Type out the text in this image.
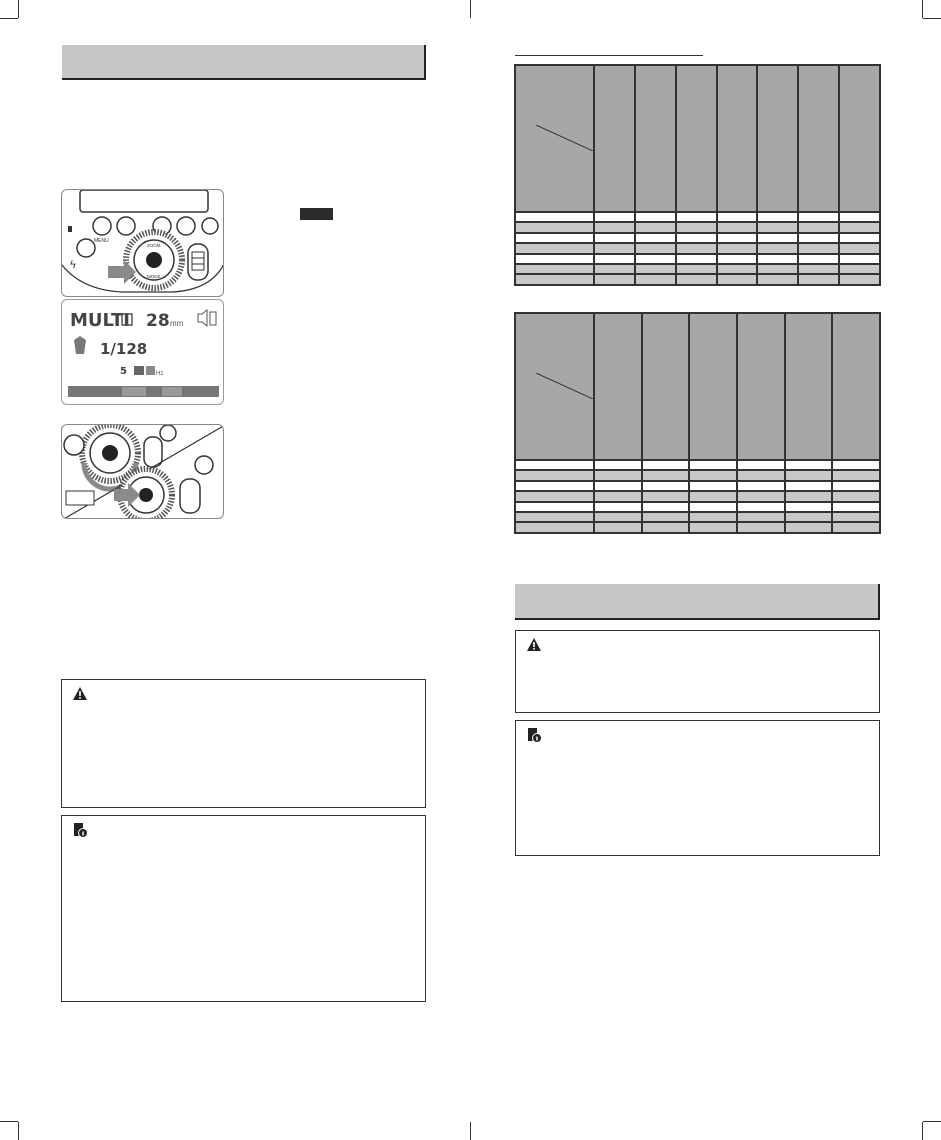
MENU
ϟ
ZOOM
MODE
MULTI 28 mm
1/128
5	Hz
